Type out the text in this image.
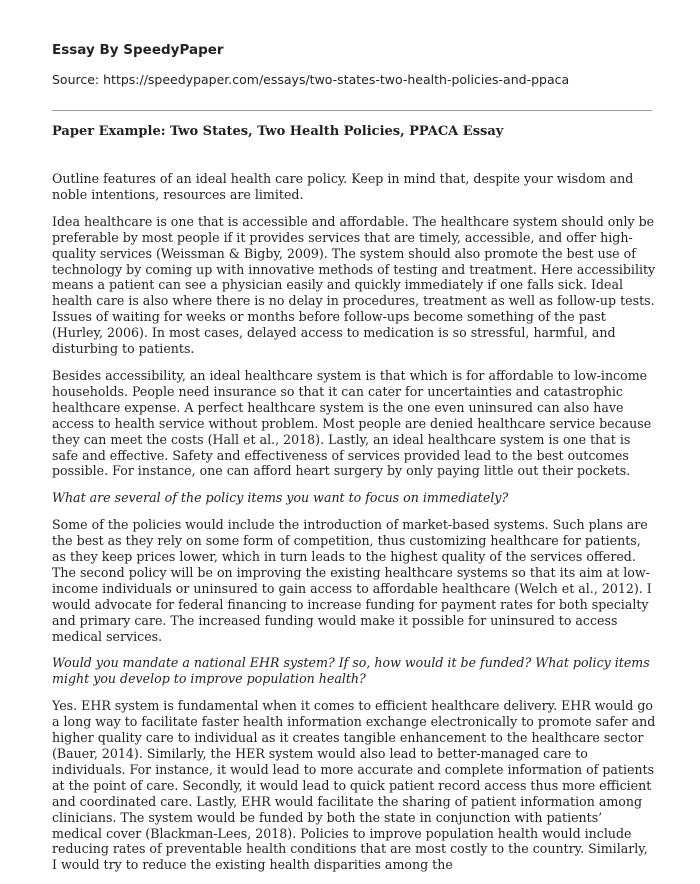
Essay By SpeedyPaper
Source: https://speedypaper.com/essays/two-states-two-health-policies-and-ppaca
Paper Example: Two States, Two Health Policies, PPACA Essay

Outline features of an ideal health care policy. Keep in mind that, despite your wisdom and noble intentions, resources are limited.

Idea healthcare is one that is accessible and affordable. The healthcare system should only be preferable by most people if it provides services that are timely, accessible, and offer high-quality services (Weissman & Bigby, 2009). The system should also promote the best use of technology by coming up with innovative methods of testing and treatment. Here accessibility means a patient can see a physician easily and quickly immediately if one falls sick. Ideal health care is also where there is no delay in procedures, treatment as well as follow-up tests. Issues of waiting for weeks or months before follow-ups become something of the past (Hurley, 2006). In most cases, delayed access to medication is so stressful, harmful, and disturbing to patients.

Besides accessibility, an ideal healthcare system is that which is for affordable to low-income households. People need insurance so that it can cater for uncertainties and catastrophic healthcare expense. A perfect healthcare system is the one even uninsured can also have access to health service without problem. Most people are denied healthcare service because they can meet the costs (Hall et al., 2018). Lastly, an ideal healthcare system is one that is safe and effective. Safety and effectiveness of services provided lead to the best outcomes possible. For instance, one can afford heart surgery by only paying little out their pockets.

What are several of the policy items you want to focus on immediately?

Some of the policies would include the introduction of market-based systems. Such plans are the best as they rely on some form of competition, thus customizing healthcare for patients, as they keep prices lower, which in turn leads to the highest quality of the services offered. The second policy will be on improving the existing healthcare systems so that its aim at low-income individuals or uninsured to gain access to affordable healthcare (Welch et al., 2012). I would advocate for federal financing to increase funding for payment rates for both specialty and primary care. The increased funding would make it possible for uninsured to access medical services.

Would you mandate a national EHR system? If so, how would it be funded? What policy items might you develop to improve population health?

Yes. EHR system is fundamental when it comes to efficient healthcare delivery. EHR would go a long way to facilitate faster health information exchange electronically to promote safer and higher quality care to individual as it creates tangible enhancement to the healthcare sector (Bauer, 2014). Similarly, the HER system would also lead to better-managed care to individuals. For instance, it would lead to more accurate and complete information of patients at the point of care. Secondly, it would lead to quick patient record access thus more efficient and coordinated care. Lastly, EHR would facilitate the sharing of patient information among clinicians. The system would be funded by both the state in conjunction with patients’ medical cover (Blackman-Lees, 2018). Policies to improve population health would include reducing rates of preventable health conditions that are most costly to the country. Similarly, I would try to reduce the existing health disparities among the
